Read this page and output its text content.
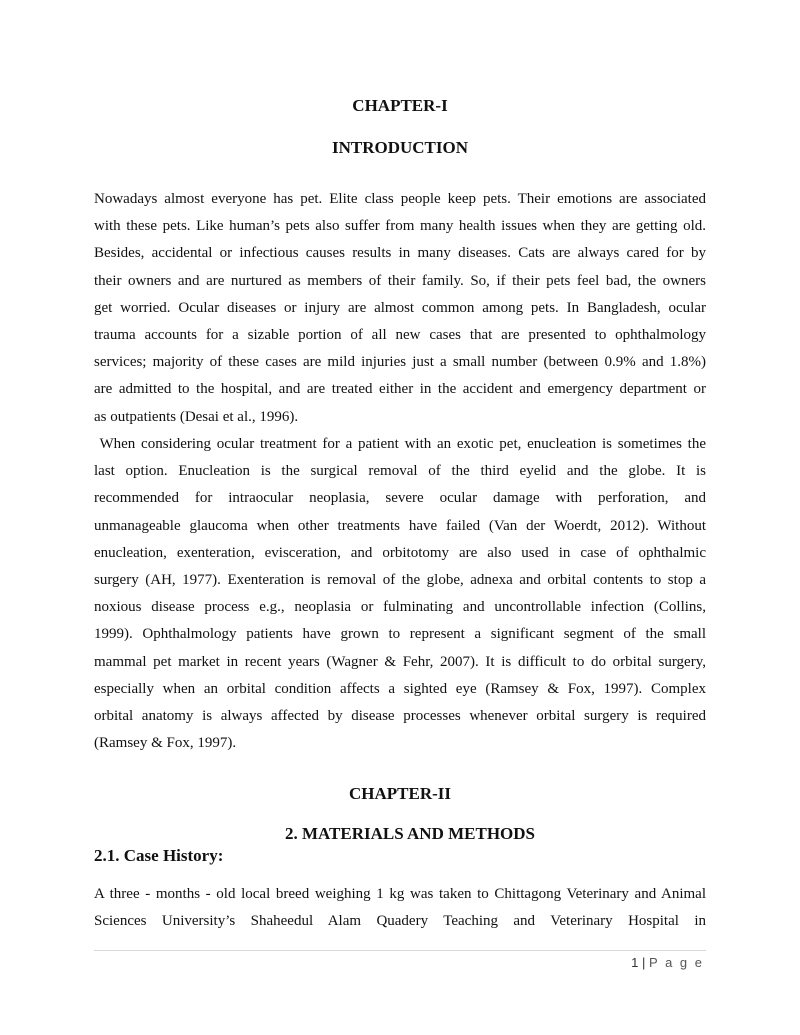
CHAPTER-I
INTRODUCTION
Nowadays almost everyone has pet. Elite class people keep pets. Their emotions are associated
with these pets. Like human’s pets also suffer from many health issues when they are getting old.
Besides, accidental or infectious causes results in many diseases. Cats are always cared for by
their owners and are nurtured as members of their family. So, if their pets feel bad, the owners
get worried. Ocular diseases or injury are almost common among pets. In Bangladesh, ocular
trauma accounts for a sizable portion of all new cases that are presented to ophthalmology
services; majority of these cases are mild injuries just a small number (between 0.9% and 1.8%)
are admitted to the hospital, and are treated either in the accident and emergency department or
as outpatients (Desai et al., 1996).
When considering ocular treatment for a patient with an exotic pet, enucleation is sometimes the
last option. Enucleation is the surgical removal of the third eyelid and the globe. It is
recommended for intraocular neoplasia, severe ocular damage with perforation, and
unmanageable glaucoma when other treatments have failed (Van der Woerdt, 2012). Without
enucleation, exenteration, evisceration, and orbitotomy are also used in case of ophthalmic
surgery (AH, 1977). Exenteration is removal of the globe, adnexa and orbital contents to stop a
noxious disease process e.g., neoplasia or fulminating and uncontrollable infection (Collins,
1999). Ophthalmology patients have grown to represent a significant segment of the small
mammal pet market in recent years (Wagner & Fehr, 2007). It is difficult to do orbital surgery,
especially when an orbital condition affects a sighted eye (Ramsey & Fox, 1997). Complex
orbital anatomy is always affected by disease processes whenever orbital surgery is required
(Ramsey & Fox, 1997).
CHAPTER-II
2. MATERIALS AND METHODS
2.1. Case History:
A three - months - old local breed weighing 1 kg was taken to Chittagong Veterinary and Animal
Sciences University’s Shaheedul Alam Quadery Teaching and Veterinary Hospital in
1 | P a g e
